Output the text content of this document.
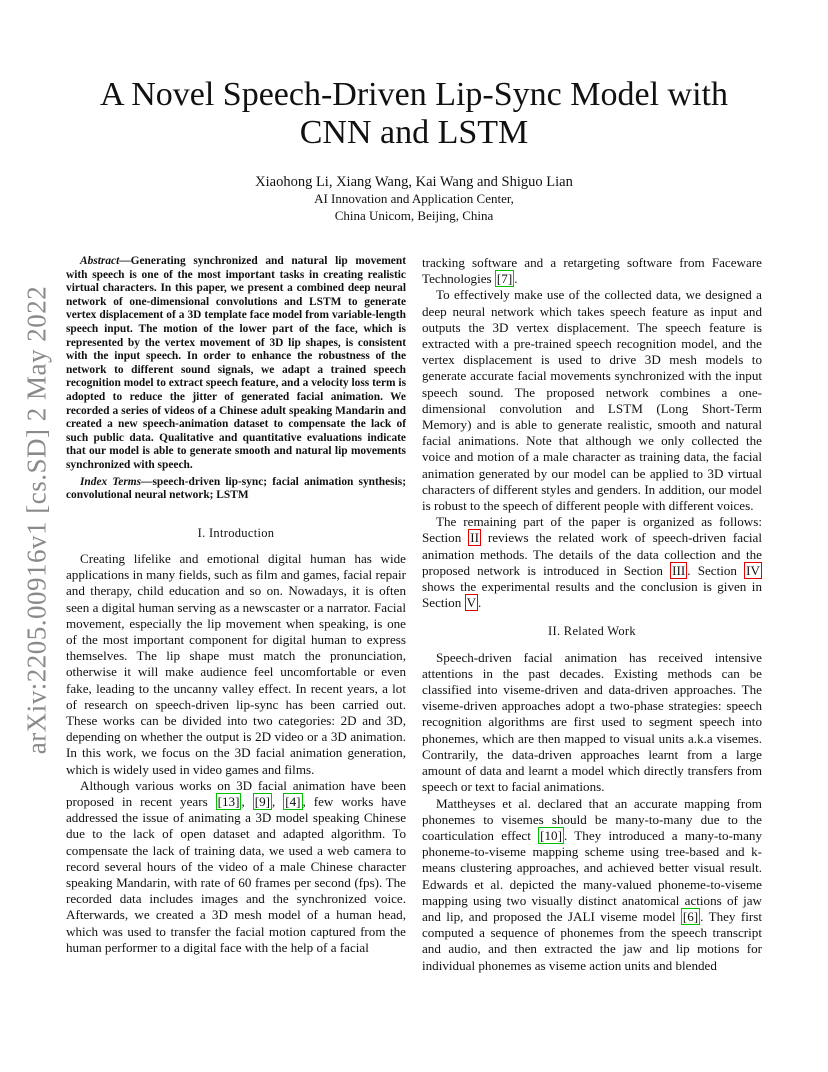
arXiv:2205.00916v1 [cs.SD] 2 May 2022
A Novel Speech-Driven Lip-Sync Model with CNN and LSTM
Xiaohong Li, Xiang Wang, Kai Wang and Shiguo Lian
AI Innovation and Application Center,
China Unicom, Beijing, China

Abstract—Generating synchronized and natural lip movement with speech is one of the most important tasks in creating realistic virtual characters. In this paper, we present a combined deep neural network of one-dimensional convolutions and LSTM to generate vertex displacement of a 3D template face model from variable-length speech input. The motion of the lower part of the face, which is represented by the vertex movement of 3D lip shapes, is consistent with the input speech. In order to enhance the robustness of the network to different sound signals, we adapt a trained speech recognition model to extract speech feature, and a velocity loss term is adopted to reduce the jitter of generated facial animation. We recorded a series of videos of a Chinese adult speaking Mandarin and created a new speech-animation dataset to compensate the lack of such public data. Qualitative and quantitative evaluations indicate that our model is able to generate smooth and natural lip movements synchronized with speech.

Index Terms—speech-driven lip-sync; facial animation synthesis; convolutional neural network; LSTM

I. Introduction

Creating lifelike and emotional digital human has wide applications in many fields, such as film and games, facial repair and therapy, child education and so on. Nowadays, it is often seen a digital human serving as a newscaster or a narrator. Facial movement, especially the lip movement when speaking, is one of the most important component for digital human to express themselves. The lip shape must match the pronunciation, otherwise it will make audience feel uncomfortable or even fake, leading to the uncanny valley effect. In recent years, a lot of research on speech-driven lip-sync has been carried out. These works can be divided into two categories: 2D and 3D, depending on whether the output is 2D video or a 3D animation. In this work, we focus on the 3D facial animation generation, which is widely used in video games and films.

Although various works on 3D facial animation have been proposed in recent years [13] , [9] , [4] , few works have addressed the issue of animating a 3D model speaking Chinese due to the lack of open dataset and adapted algorithm. To compensate the lack of training data, we used a web camera to record several hours of the video of a male Chinese character speaking Mandarin, with rate of 60 frames per second (fps). The recorded data includes images and the synchronized voice. Afterwards, we created a 3D mesh model of a human head, which was used to transfer the facial motion captured from the human performer to a digital face with the help of a facial

tracking software and a retargeting software from Faceware Technologies [7] .

To effectively make use of the collected data, we designed a deep neural network which takes speech feature as input and outputs the 3D vertex displacement. The speech feature is extracted with a pre-trained speech recognition model, and the vertex displacement is used to drive 3D mesh models to generate accurate facial movements synchronized with the input speech sound. The proposed network combines a one-dimensional convolution and LSTM (Long Short-Term Memory) and is able to generate realistic, smooth and natural facial animations. Note that although we only collected the voice and motion of a male character as training data, the facial animation generated by our model can be applied to 3D virtual characters of different styles and genders. In addition, our model is robust to the speech of different people with different voices.

The remaining part of the paper is organized as follows: Section II reviews the related work of speech-driven facial animation methods. The details of the data collection and the proposed network is introduced in Section III . Section IV shows the experimental results and the conclusion is given in Section V .

II. Related Work

Speech-driven facial animation has received intensive attentions in the past decades. Existing methods can be classified into viseme-driven and data-driven approaches. The viseme-driven approaches adopt a two-phase strategies: speech recognition algorithms are first used to segment speech into phonemes, which are then mapped to visual units a.k.a visemes. Contrarily, the data-driven approaches learnt from a large amount of data and learnt a model which directly transfers from speech or text to facial animations.

Mattheyses et al. declared that an accurate mapping from phonemes to visemes should be many-to-many due to the coarticulation effect [10] . They introduced a many-to-many phoneme-to-viseme mapping scheme using tree-based and k-means clustering approaches, and achieved better visual result. Edwards et al. depicted the many-valued phoneme-to-viseme mapping using two visually distinct anatomical actions of jaw and lip, and proposed the JALI viseme model [6] . They first computed a sequence of phonemes from the speech transcript and audio, and then extracted the jaw and lip motions for individual phonemes as viseme action units and blended
